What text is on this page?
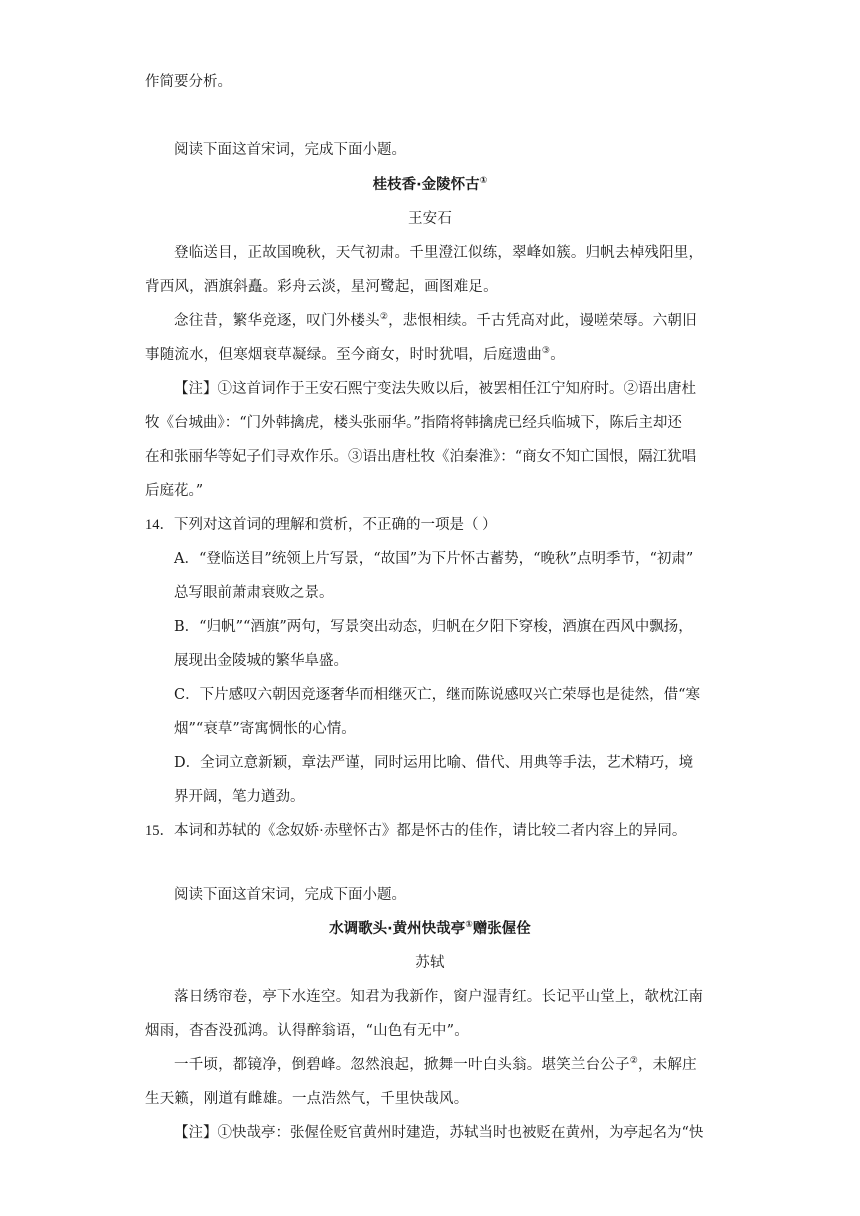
作简要分析。
阅读下面这首宋词，完成下面小题。
桂枝香·金陵怀古①
王安石
登临送目，正故国晚秋，天气初肃。千里澄江似练，翠峰如簇。归帆去棹残阳里，
背西风，酒旗斜矗。彩舟云淡，星河鹭起，画图难足。
念往昔，繁华竞逐，叹门外楼头②，悲恨相续。千古凭高对此，谩嗟荣辱。六朝旧
事随流水，但寒烟衰草凝绿。至今商女，时时犹唱，后庭遗曲③。
【注】①这首词作于王安石熙宁变法失败以后，被罢相任江宁知府时。②语出唐杜
牧《台城曲》：“门外韩擒虎，楼头张丽华。”指隋将韩擒虎已经兵临城下，陈后主却还
在和张丽华等妃子们寻欢作乐。③语出唐杜牧《泊秦淮》：“商女不知亡国恨，隔江犹唱
后庭花。”
14．下列对这首词的理解和赏析，不正确的一项是（ ）
A．“登临送目”统领上片写景，“故国”为下片怀古蓄势，“晚秋”点明季节，“初肃”
总写眼前萧肃衰败之景。
B．“归帆”“酒旗”两句，写景突出动态，归帆在夕阳下穿梭，酒旗在西风中飘扬，
展现出金陵城的繁华阜盛。
C．下片感叹六朝因竞逐奢华而相继灭亡，继而陈说感叹兴亡荣辱也是徒然，借“寒
烟”“衰草”寄寓惆怅的心情。
D．全词立意新颖，章法严谨，同时运用比喻、借代、用典等手法，艺术精巧，境
界开阔，笔力遒劲。
15．本词和苏轼的《念奴娇·赤壁怀古》都是怀古的佳作，请比较二者内容上的异同。
阅读下面这首宋词，完成下面小题。
水调歌头·黄州快哉亭①赠张偓佺
苏轼
落日绣帘卷，亭下水连空。知君为我新作，窗户湿青红。长记平山堂上，欹枕江南
烟雨，杳杳没孤鸿。认得醉翁语，“山色有无中”。
一千顷，都镜净，倒碧峰。忽然浪起，掀舞一叶白头翁。堪笑兰台公子②，未解庄
生天籁，刚道有雌雄。一点浩然气，千里快哉风。
【注】①快哉亭：张偓佺贬官黄州时建造，苏轼当时也被贬在黄州，为亭起名为“快
